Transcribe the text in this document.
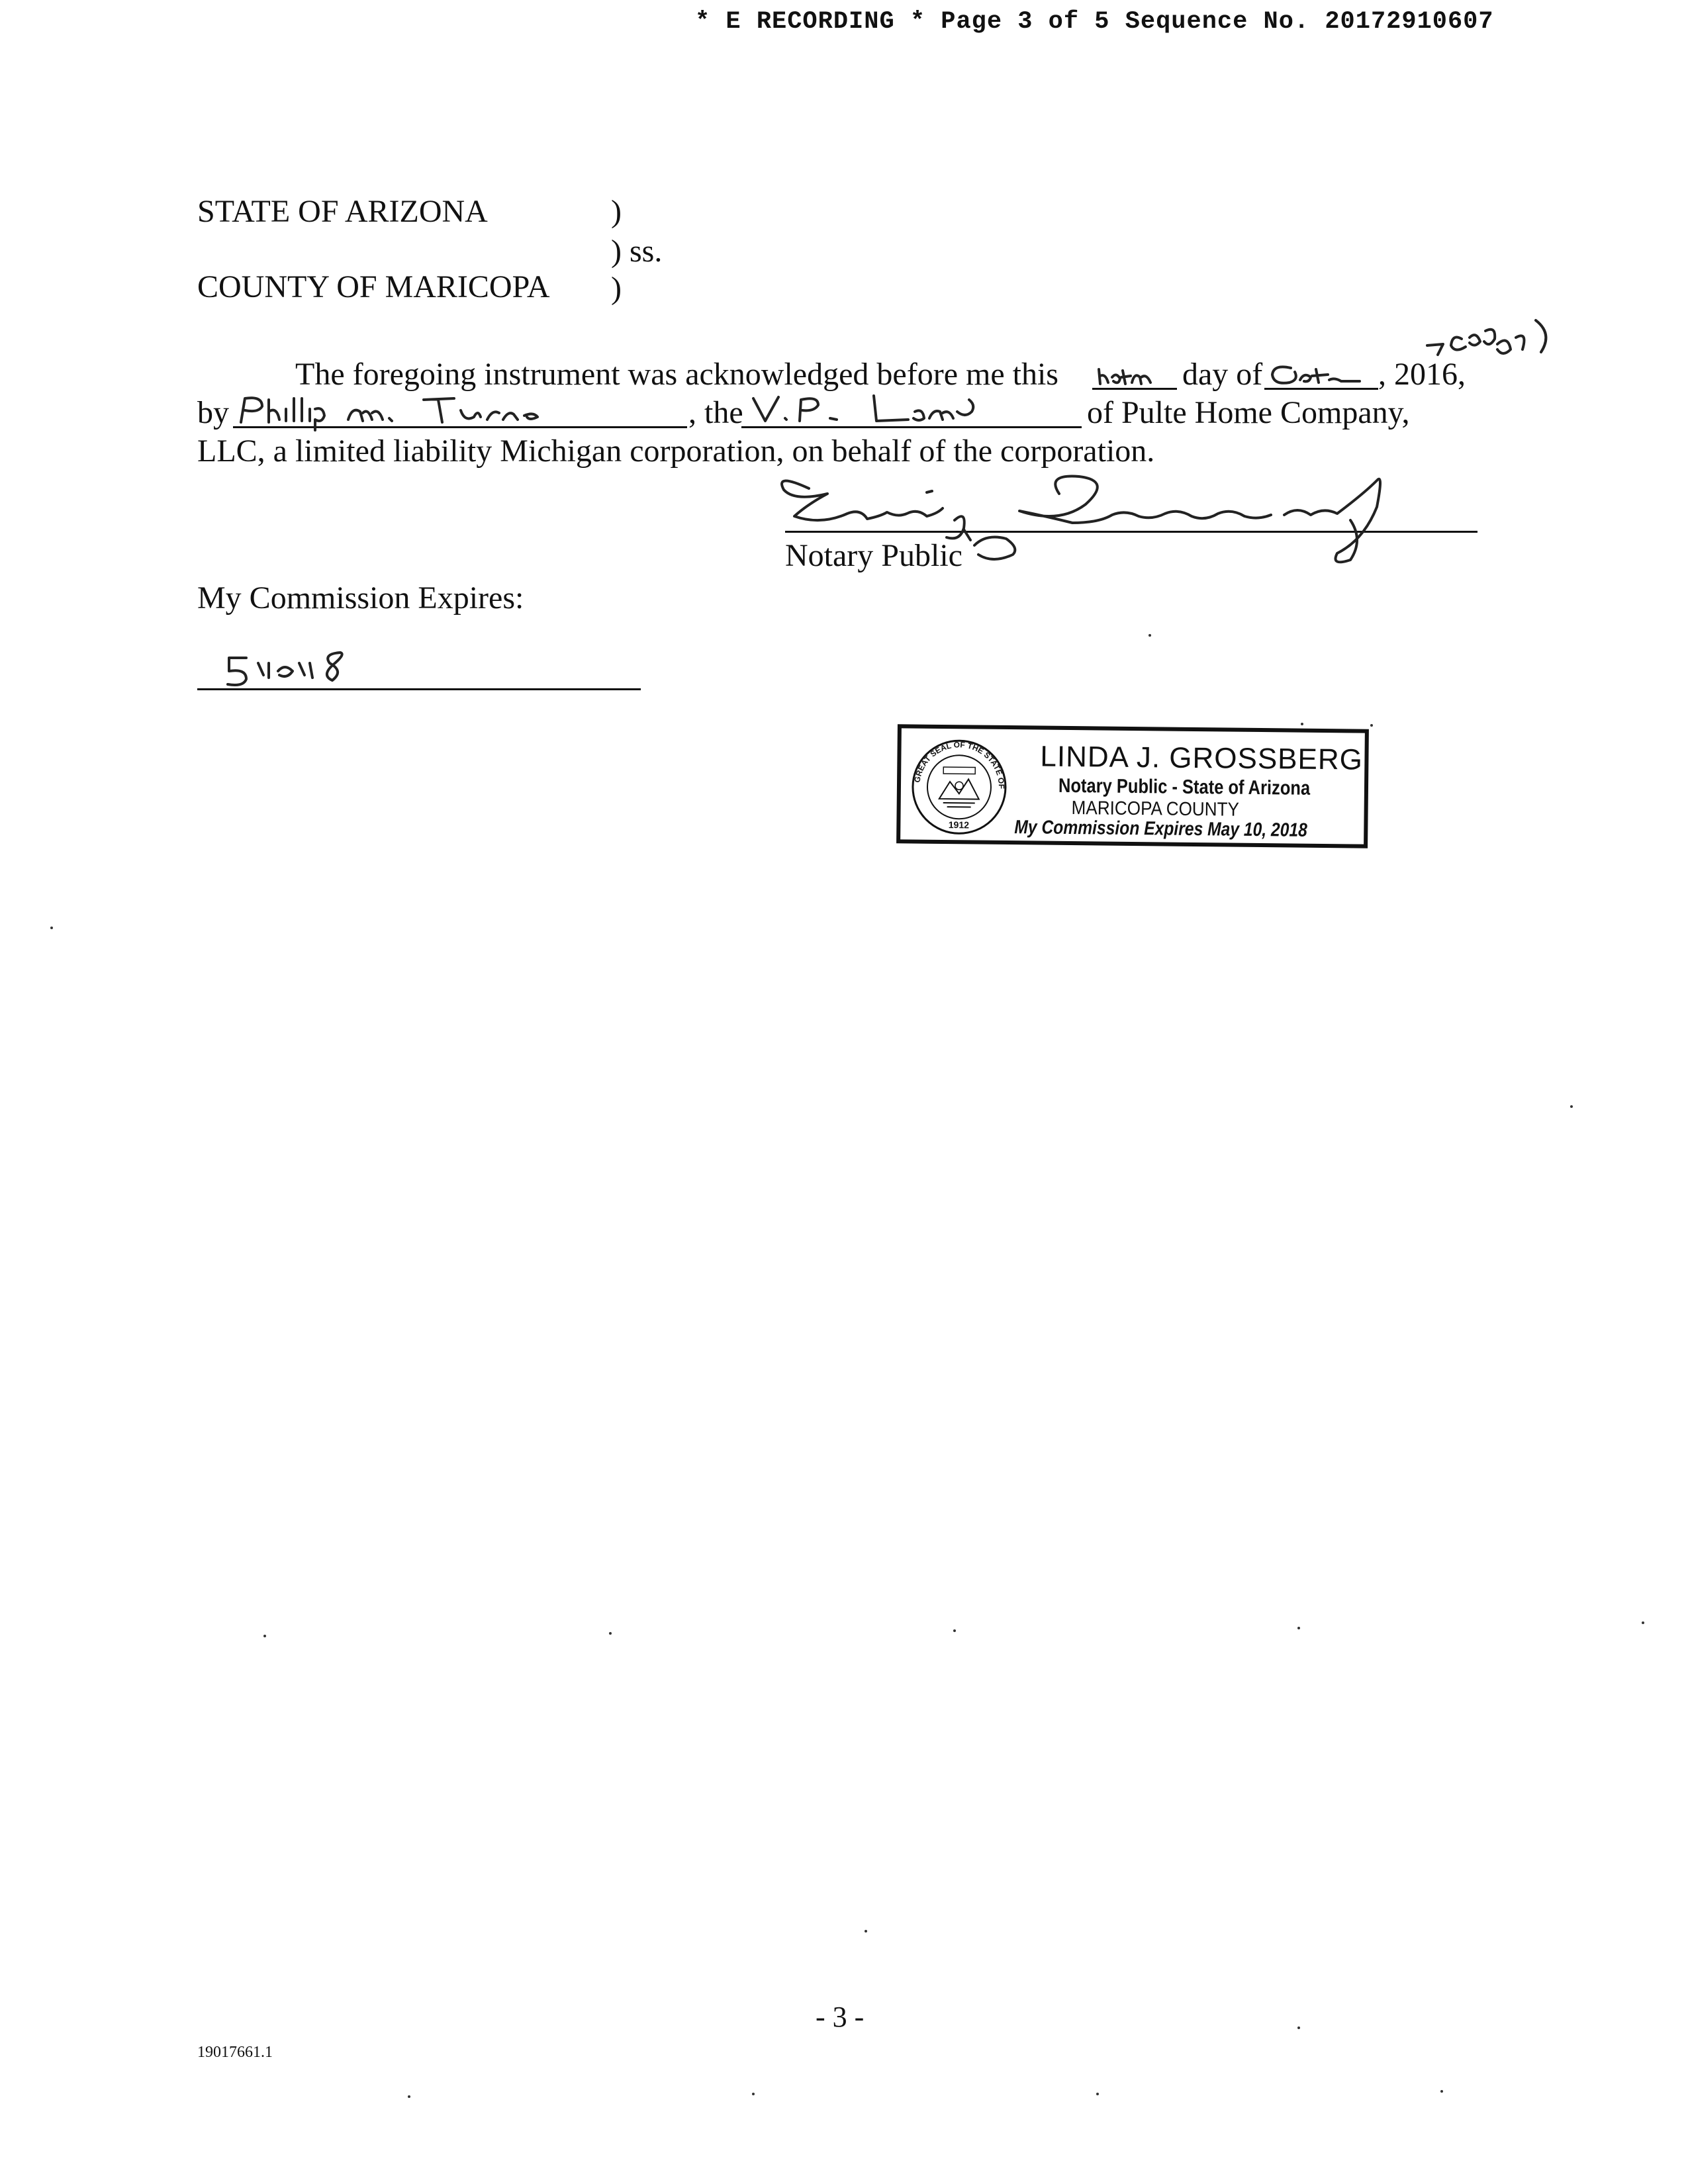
* E RECORDING * Page 3 of 5 Sequence No. 20172910607
STATE OF ARIZONA	)
) ss.
COUNTY OF MARICOPA )
The foregoing instrument was acknowledged before me this	day of	, 2016,
by	, the	of Pulte Home Company,
LLC, a limited liability Michigan corporation, on behalf of the corporation.
Notary Public
My Commission Expires:
GREAT SEAL OF THE STATE OF
1912
LINDA J. GROSSBERG
Notary Public - State of Arizona
MARICOPA COUNTY
My Commission Expires May 10, 2018
- 3 -
19017661.1
